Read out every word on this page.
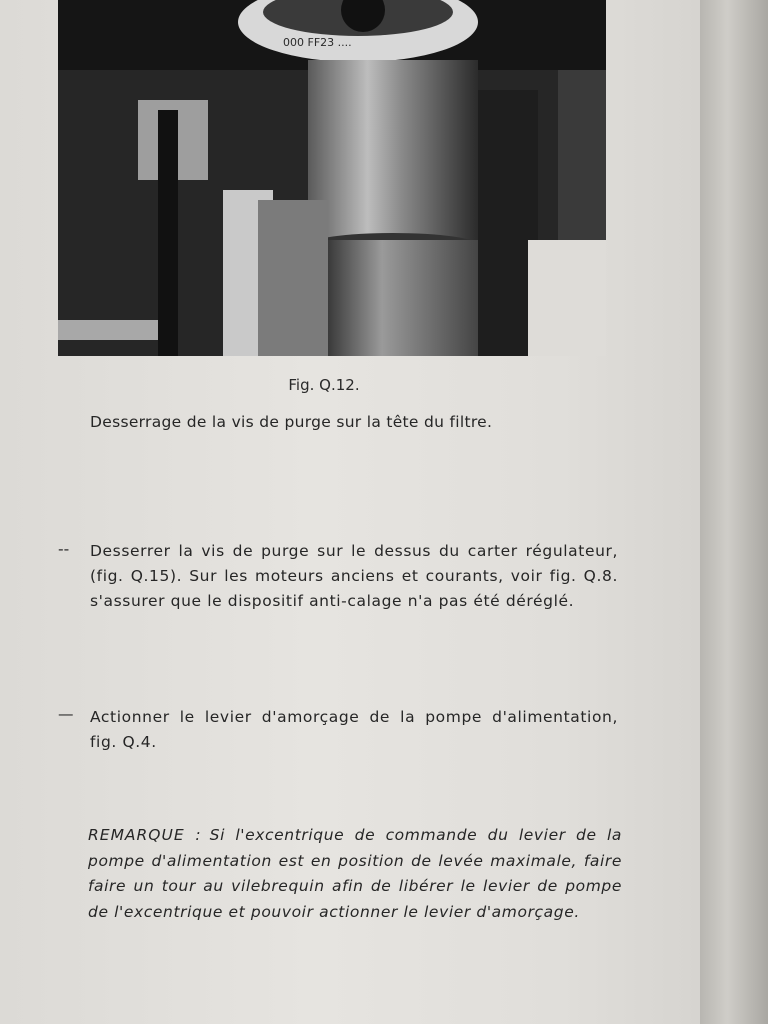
000 FF23 ....
Fig. Q.12.
Desserrage de la vis de purge sur la tête du filtre.
-- Desserrer la vis de purge sur le dessus du carter régulateur, (fig. Q.15). Sur les moteurs anciens et courants, voir fig. Q.8. s'assurer que le dispositif anti-calage n'a pas été déréglé.
— Actionner le levier d'amorçage de la pompe d'alimentation, fig. Q.4.
REMARQUE : Si l'excentrique de commande du levier de la pompe d'alimentation est en position de levée maximale, faire faire un tour au vilebrequin afin de libérer le levier de pompe de l'excentrique et pouvoir actionner le levier d'amorçage.
